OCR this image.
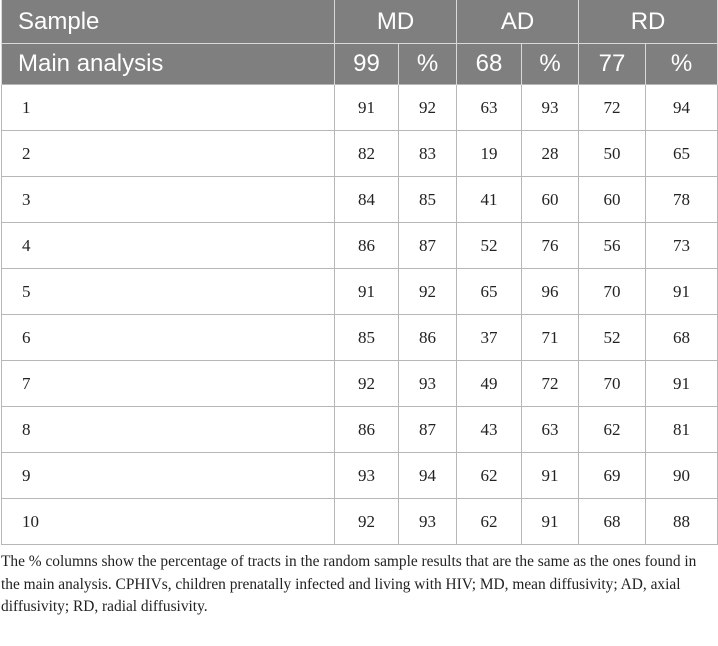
Sample	MD		AD		RD	
Main analysis	99	%	68	%	77	%
1	91	92	63	93	72	94
2	82	83	19	28	50	65
3	84	85	41	60	60	78
4	86	87	52	76	56	73
5	91	92	65	96	70	91
6	85	86	37	71	52	68
7	92	93	49	72	70	91
8	86	87	43	63	62	81
9	93	94	62	91	69	90
10	92	93	62	91	68	88
The % columns show the percentage of tracts in the random sample results that are the same as the ones found in the main analysis. CPHIVs, children prenatally infected and living with HIV; MD, mean diffusivity; AD, axial diffusivity; RD, radial diffusivity.
